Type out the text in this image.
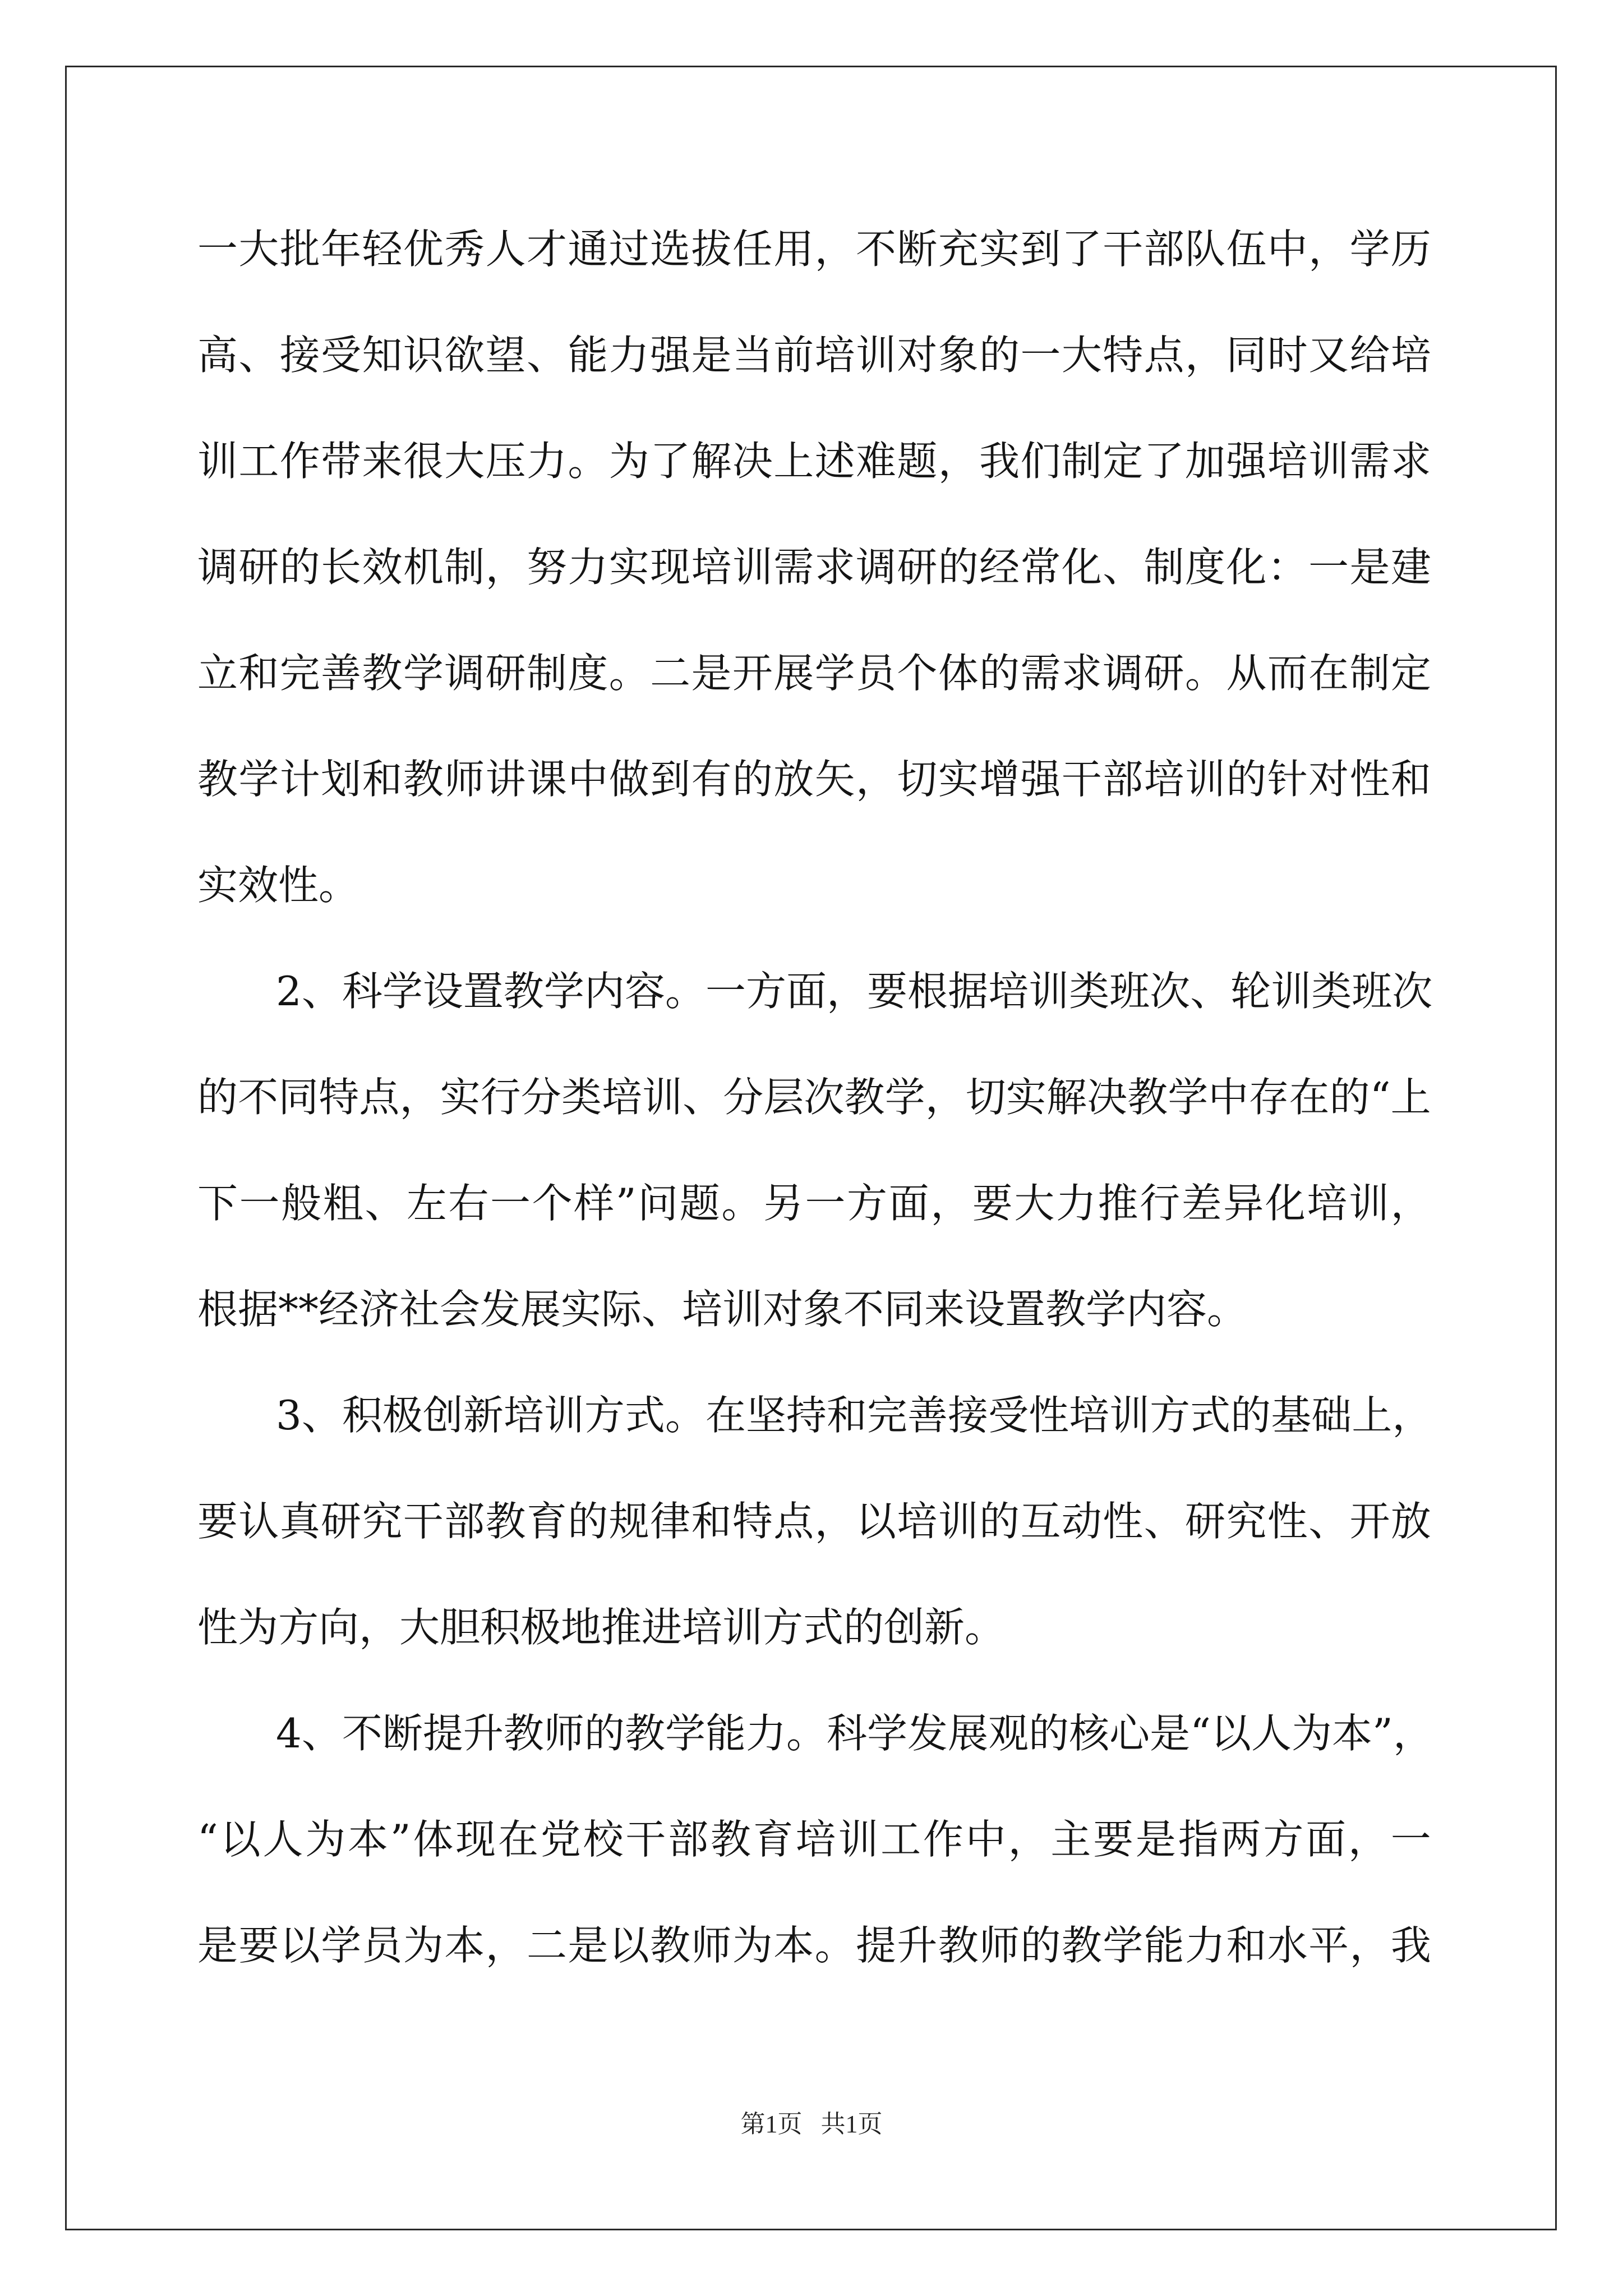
一 大 批 年 轻 优 秀 人 才 通 过 选 拔 任 用 ， 不 断 充 实 到 了 干 部 队 伍 中 ， 学 历
高 、 接 受 知 识 欲 望 、 能 力 强 是 当 前 培 训 对 象 的 一 大 特 点 ， 同 时 又 给 培
训 工 作 带 来 很 大 压 力 。 为 了 解 决 上 述 难 题 ， 我 们 制 定 了 加 强 培 训 需 求
调 研 的 长 效 机 制 ， 努 力 实 现 培 训 需 求 调 研 的 经 常 化 、 制 度 化 ： 一 是 建
立 和 完 善 教 学 调 研 制 度 。 二 是 开 展 学 员 个 体 的 需 求 调 研 。 从 而 在 制 定
教 学 计 划 和 教 师 讲 课 中 做 到 有 的 放 矢 ， 切 实 增 强 干 部 培 训 的 针 对 性 和
实效性。
2 、 科 学 设 置 教 学 内 容 。 一 方 面 ， 要 根 据 培 训 类 班 次 、 轮 训 类 班 次
的 不 同 特 点 ， 实 行 分 类 培 训 、 分 层 次 教 学 ， 切 实 解 决 教 学 中 存 在 的 “ 上
下 一 般 粗 、 左 右 一 个 样 ” 问 题 。 另 一 方 面 ， 要 大 力 推 行 差 异 化 培 训 ，
根据**经济社会发展实际、培训对象不同来设置教学内容。
3 、 积 极 创 新 培 训 方 式 。 在 坚 持 和 完 善 接 受 性 培 训 方 式 的 基 础 上 ，
要 认 真 研 究 干 部 教 育 的 规 律 和 特 点 ， 以 培 训 的 互 动 性 、 研 究 性 、 开 放
性为方向，大胆积极地推进培训方式的创新。
4 、 不 断 提 升 教 师 的 教 学 能 力 。 科 学 发 展 观 的 核 心 是 “ 以 人 为 本 ” ，
“ 以 人 为 本 ” 体 现 在 党 校 干 部 教 育 培 训 工 作 中 ， 主 要 是 指 两 方 面 ， 一
是 要 以 学 员 为 本 ， 二 是 以 教 师 为 本 。 提 升 教 师 的 教 学 能 力 和 水 平 ， 我
第1页   共1页
